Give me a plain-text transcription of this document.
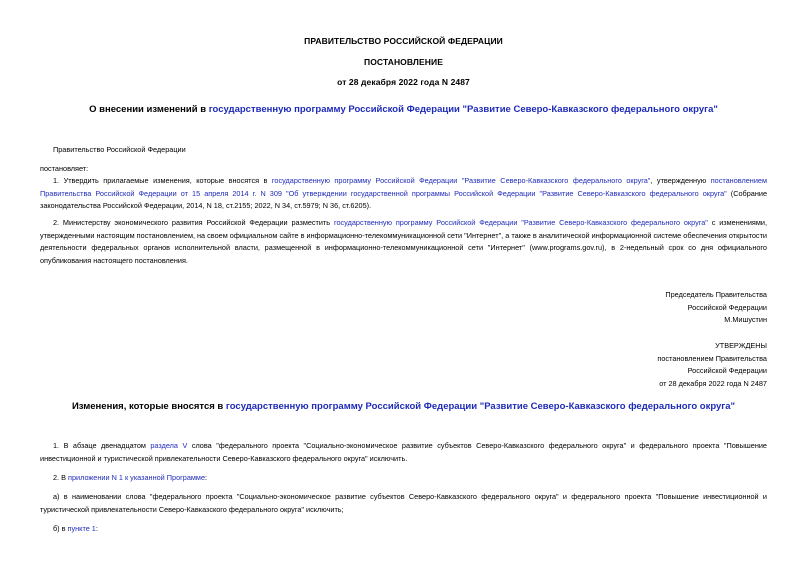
ПРАВИТЕЛЬСТВО РОССИЙСКОЙ ФЕДЕРАЦИИ
ПОСТАНОВЛЕНИЕ
от 28 декабря 2022 года N 2487
О внесении изменений в государственную программу Российской Федерации "Развитие Северо-Кавказского федерального округа"
Правительство Российской Федерации
постановляет:
1. Утвердить прилагаемые изменения, которые вносятся в государственную программу Российской Федерации "Развитие Северо-Кавказского федерального округа", утвержденную постановлением Правительства Российской Федерации от 15 апреля 2014 г. N 309 "Об утверждении государственной программы Российской Федерации "Развитие Северо-Кавказского федерального округа" (Собрание законодательства Российской Федерации, 2014, N 18, ст.2155; 2022, N 34, ст.5979; N 36, ст.6205).
2. Министерству экономического развития Российской Федерации разместить государственную программу Российской Федерации "Развитие Северо-Кавказского федерального округа" с изменениями, утвержденными настоящим постановлением, на своем официальном сайте в информационно-телекоммуникационной сети "Интернет", а также в аналитической информационной системе обеспечения открытости деятельности федеральных органов исполнительной власти, размещенной в информационно-телекоммуникационной сети "Интернет" (www.programs.gov.ru), в 2-недельный срок со дня официального опубликования настоящего постановления.
Председатель Правительства
Российской Федерации
М.Мишустин
УТВЕРЖДЕНЫ
постановлением Правительства
Российской Федерации
от 28 декабря 2022 года N 2487
Изменения, которые вносятся в государственную программу Российской Федерации "Развитие Северо-Кавказского федерального округа"
1. В абзаце двенадцатом раздела V слова "федерального проекта "Социально-экономическое развитие субъектов Северо-Кавказского федерального округа" и федерального проекта "Повышение инвестиционной и туристической привлекательности Северо-Кавказского федерального округа" исключить.
2. В приложении N 1 к указанной Программе:
а) в наименовании слова "федерального проекта "Социально-экономическое развитие субъектов Северо-Кавказского федерального округа" и федерального проекта "Повышение инвестиционной и туристической привлекательности Северо-Кавказского федерального округа" исключить;
б) в пункте 1:
